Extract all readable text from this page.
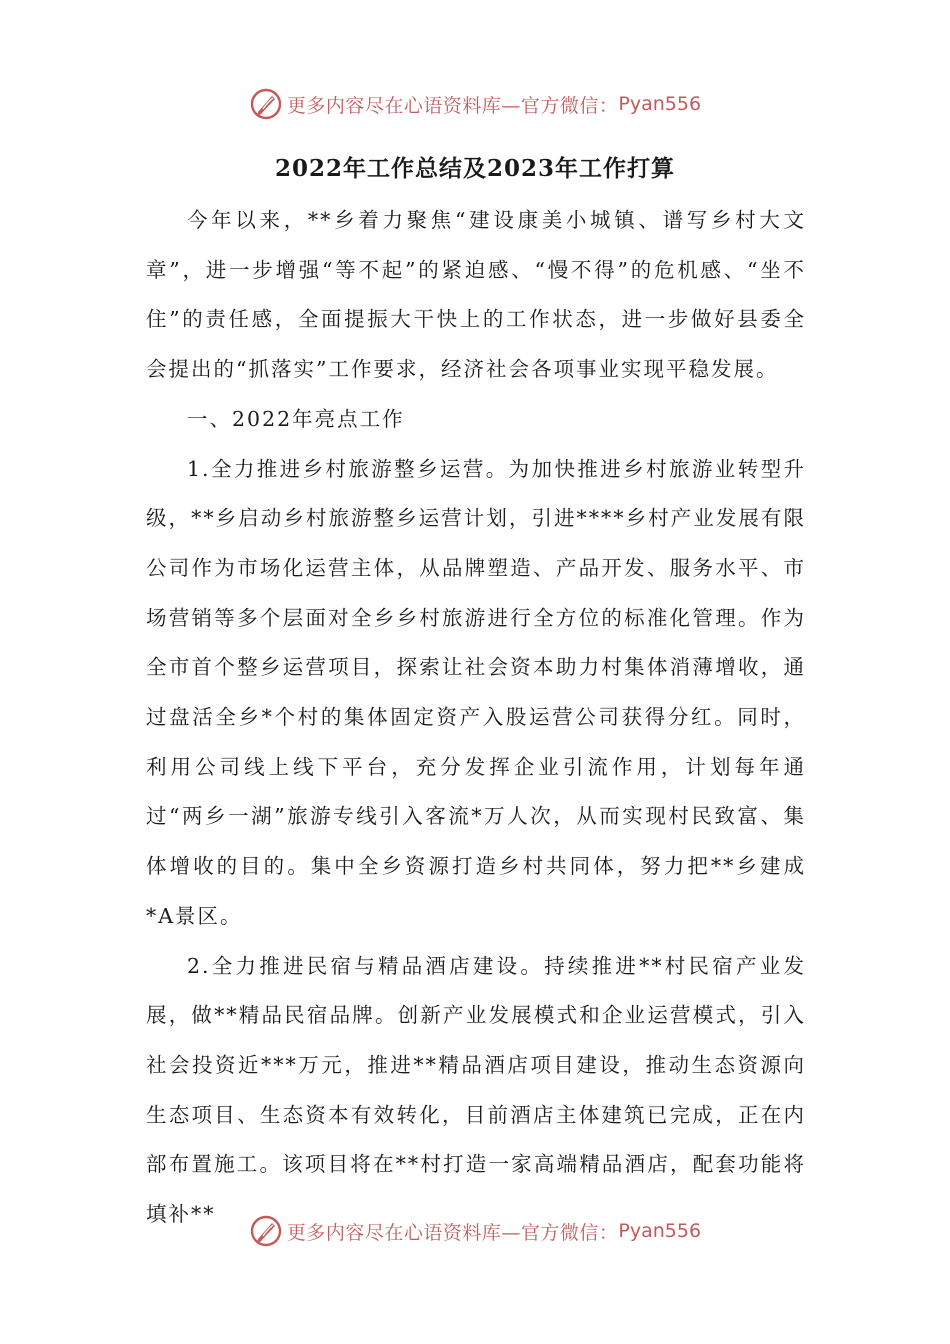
更多内容尽在心语资料库—官方微信： Pyan556
2022年工作总结及2023年工作打算

今年以来，**乡着力聚焦“建设康美小城镇、谱写乡村大文章”，进一步增强“等不起”的紧迫感、“慢不得”的危机感、“坐不住”的责任感，全面提振大干快上的工作状态，进一步做好县委全会提出的“抓落实”工作要求，经济社会各项事业实现平稳发展。

一、2022年亮点工作

1.全力推进乡村旅游整乡运营。为加快推进乡村旅游业转型升级，**乡启动乡村旅游整乡运营计划，引进****乡村产业发展有限公司作为市场化运营主体，从品牌塑造、产品开发、服务水平、市场营销等多个层面对全乡乡村旅游进行全方位的标准化管理。作为全市首个整乡运营项目，探索让社会资本助力村集体消薄增收，通过盘活全乡*个村的集体固定资产入股运营公司获得分红。同时，利用公司线上线下平台，充分发挥企业引流作用，计划每年通过“两乡一湖”旅游专线引入客流*万人次，从而实现村民致富、集体增收的目的。集中全乡资源打造乡村共同体，努力把**乡建成*A景区。

2.全力推进民宿与精品酒店建设。持续推进**村民宿产业发展，做**精品民宿品牌。创新产业发展模式和企业运营模式，引入社会投资近***万元，推进**精品酒店项目建设，推动生态资源向生态项目、生态资本有效转化，目前酒店主体建筑已完成，正在内部布置施工。该项目将在**村打造一家高端精品酒店，配套功能将填补**

更多内容尽在心语资料库—官方微信： Pyan556
